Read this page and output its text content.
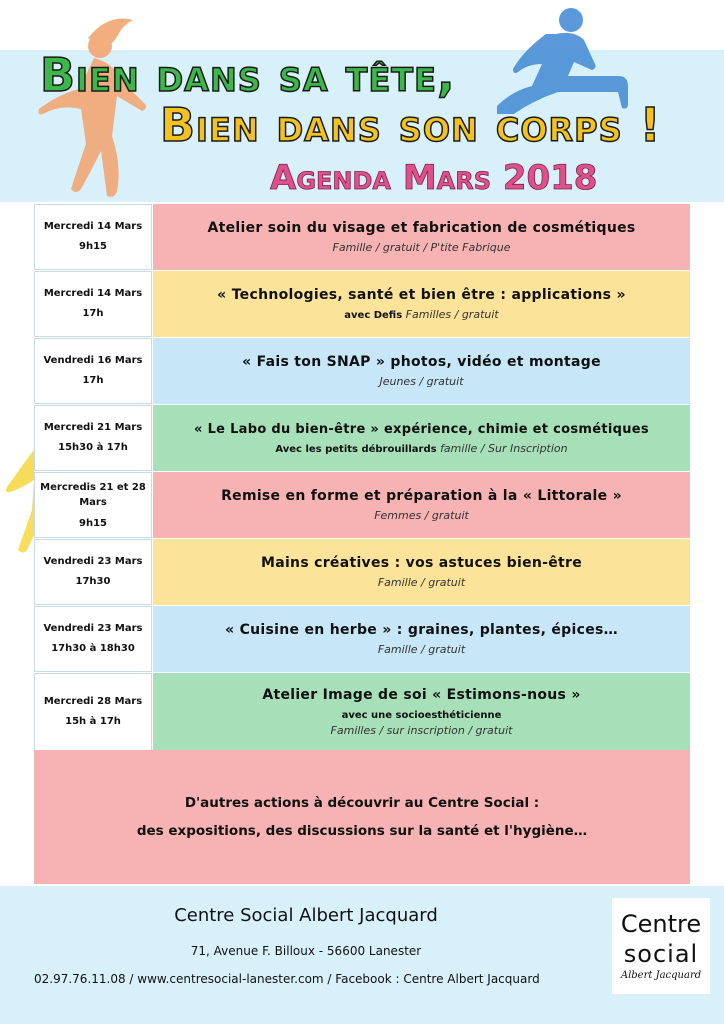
Bien dans sa tête,
Bien dans son corps !
Agenda Mars 2018
Mercredi 14 Mars
9h15
Atelier soin du visage et fabrication de cosmétiques
Famille / gratuit / P'tite Fabrique
Mercredi 14 Mars
17h
« Technologies, santé et bien être : applications »
avec Defis Familles / gratuit
Vendredi 16 Mars
17h
« Fais ton SNAP » photos, vidéo et montage
Jeunes / gratuit
Mercredi 21 Mars
15h30 à 17h
« Le Labo du bien-être » expérience, chimie et cosmétiques
Avec les petits débrouillards famille / Sur Inscription
Mercredis 21 et 28 Mars
9h15
Remise en forme et préparation à la « Littorale »
Femmes / gratuit
Vendredi 23 Mars
17h30
Mains créatives : vos astuces bien-être
Famille / gratuit
Vendredi 23 Mars
17h30 à 18h30
« Cuisine en herbe » : graines, plantes, épices…
Famille / gratuit
Mercredi 28 Mars
15h à 17h
Atelier Image de soi « Estimons-nous »
avec une socioesthéticienne
Familles / sur inscription / gratuit
D'autres actions à découvrir au Centre Social :
des expositions, des discussions sur la santé et l'hygiène…
Centre Social Albert Jacquard
71, Avenue F. Billoux - 56600 Lanester
02.97.76.11.08 / www.centresocial-lanester.com / Facebook : Centre Albert Jacquard
Centre
social
Albert Jacquard
